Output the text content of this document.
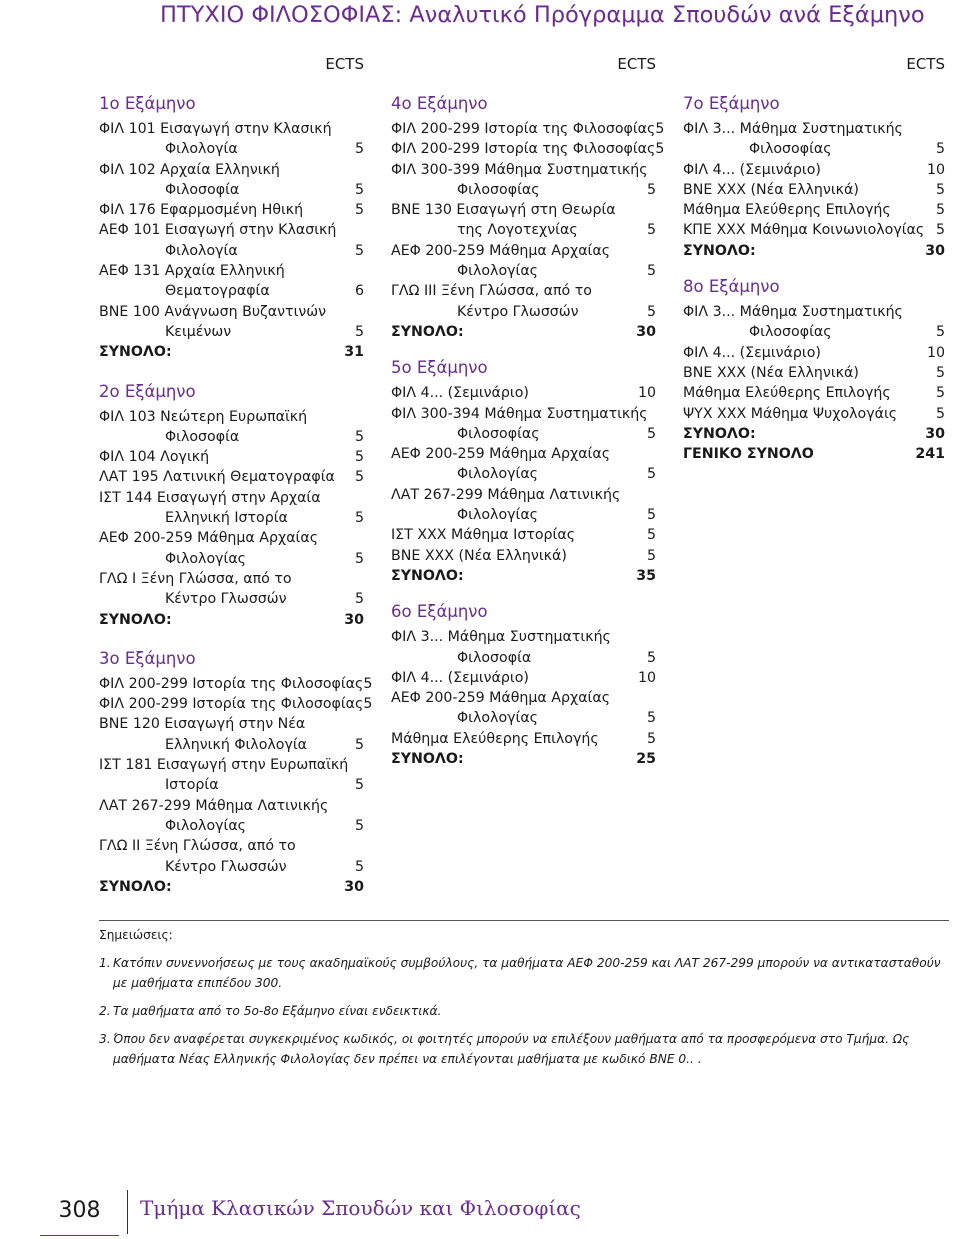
ΠΤΥΧΙΟ ΦΙΛΟΣΟΦΙΑΣ: Αναλυτικό Πρόγραμμα Σπουδών ανά Εξάμηνο
ECTS
1ο Εξάμηνο
ΦΙΛ 101 Εισαγωγή στην Κλασική
Φιλολογία	5
ΦΙΛ 102 Αρχαία Ελληνική
Φιλοσοφία	5
ΦΙΛ 176 Εφαρμοσμένη Ηθική	5
ΑΕΦ 101 Εισαγωγή στην Κλασική
Φιλολογία	5
ΑΕΦ 131 Αρχαία Ελληνική
Θεματογραφία	6
ΒΝΕ 100 Ανάγνωση Βυζαντινών
Κειμένων	5
ΣΥΝΟΛΟ:	31
2ο Εξάμηνο
ΦΙΛ 103 Νεώτερη Ευρωπαϊκή
Φιλοσοφία	5
ΦΙΛ 104 Λογική	5
ΛΑΤ 195 Λατινική Θεματογραφία 5
ΙΣΤ 144 Εισαγωγή στην Αρχαία
Ελληνική Ιστορία	5
ΑΕΦ 200-259 Μάθημα Αρχαίας
Φιλολογίας	5
ΓΛΩ Ι Ξένη Γλώσσα, από το
Κέντρο Γλωσσών	5
ΣΥΝΟΛΟ:	30
3ο Εξάμηνο
ΦΙΛ 200-299 Ιστορία της Φιλοσοφίας5
ΦΙΛ 200-299 Ιστορία της Φιλοσοφίας5
ΒΝΕ 120 Εισαγωγή στην Νέα
Ελληνική Φιλολογία	5
ΙΣΤ 181 Εισαγωγή στην Ευρωπαϊκή
Ιστορία	5
ΛΑΤ 267-299 Μάθημα Λατινικής
Φιλολογίας	5
ΓΛΩ ΙΙ Ξένη Γλώσσα, από το
Κέντρο Γλωσσών	5
ΣΥΝΟΛΟ:	30
ECTS
4ο Εξάμηνο
ΦΙΛ 200-299 Ιστορία της Φιλοσοφίας5
ΦΙΛ 200-299 Ιστορία της Φιλοσοφίας5
ΦΙΛ 300-399 Μάθημα Συστηματικής
Φιλοσοφίας	5
ΒΝΕ 130 Εισαγωγή στη Θεωρία
της Λογοτεχνίας	5
ΑΕΦ 200-259 Μάθημα Αρχαίας
Φιλολογίας	5
ΓΛΩ ΙΙΙ Ξένη Γλώσσα, από το
Κέντρο Γλωσσών	5
ΣΥΝΟΛΟ:	30
5ο Εξάμηνο
ΦΙΛ 4... (Σεμινάριο)	10
ΦΙΛ 300-394 Μάθημα Συστηματικής
Φιλοσοφίας	5
ΑΕΦ 200-259 Μάθημα Αρχαίας
Φιλολογίας	5
ΛΑΤ 267-299 Μάθημα Λατινικής
Φιλολογίας	5
ΙΣΤ ΧΧΧ Μάθημα Ιστορίας	5
ΒΝΕ ΧΧΧ (Νέα Ελληνικά)	5
ΣΥΝΟΛΟ:	35
6ο Εξάμηνο
ΦΙΛ 3... Μάθημα Συστηματικής
Φιλοσοφία	5
ΦΙΛ 4... (Σεμινάριο)	10
ΑΕΦ 200-259 Μάθημα Αρχαίας
Φιλολογίας	5
Μάθημα Ελεύθερης Επιλογής	5
ΣΥΝΟΛΟ:	25
ECTS
7ο Εξάμηνο
ΦΙΛ 3... Μάθημα Συστηματικής
Φιλοσοφίας	5
ΦΙΛ 4... (Σεμινάριο)	10
ΒΝΕ ΧΧΧ (Νέα Ελληνικά)	5
Μάθημα Ελεύθερης Επιλογής	5
ΚΠΕ ΧΧΧ Μάθημα Κοινωνιολογίας 5
ΣΥΝΟΛΟ:	30
8ο Εξάμηνο
ΦΙΛ 3... Μάθημα Συστηματικής
Φιλοσοφίας	5
ΦΙΛ 4... (Σεμινάριο)	10
ΒΝΕ ΧΧΧ (Νέα Ελληνικά)	5
Μάθημα Ελεύθερης Επιλογής	5
ΨΥΧ ΧΧΧ Μάθημα Ψυχολογάις	5
ΣΥΝΟΛΟ:	30
ΓΕΝΙΚΟ ΣΥΝΟΛΟ	241
Σημειώσεις:
1. Κατόπιν συνεννοήσεως με τους ακαδημαϊκούς συμβούλους, τα μαθήματα ΑΕΦ 200-259 και ΛΑΤ 267-299 μπορούν να αντικατασταθούν με μαθήματα επιπέδου 300.
2. Τα μαθήματα από το 5ο-8ο Εξάμηνο είναι ενδεικτικά.
3. Όπου δεν αναφέρεται συγκεκριμένος κωδικός, οι φοιτητές μπορούν να επιλέξουν μαθήματα από τα προσφερόμενα στο Τμήμα. Ως μαθήματα Νέας Ελληνικής Φιλολογίας δεν πρέπει να επιλέγονται μαθήματα με κωδικό ΒΝΕ 0.. .
308	Τμήμα Κλασικών Σπουδών και Φιλοσοφίας
